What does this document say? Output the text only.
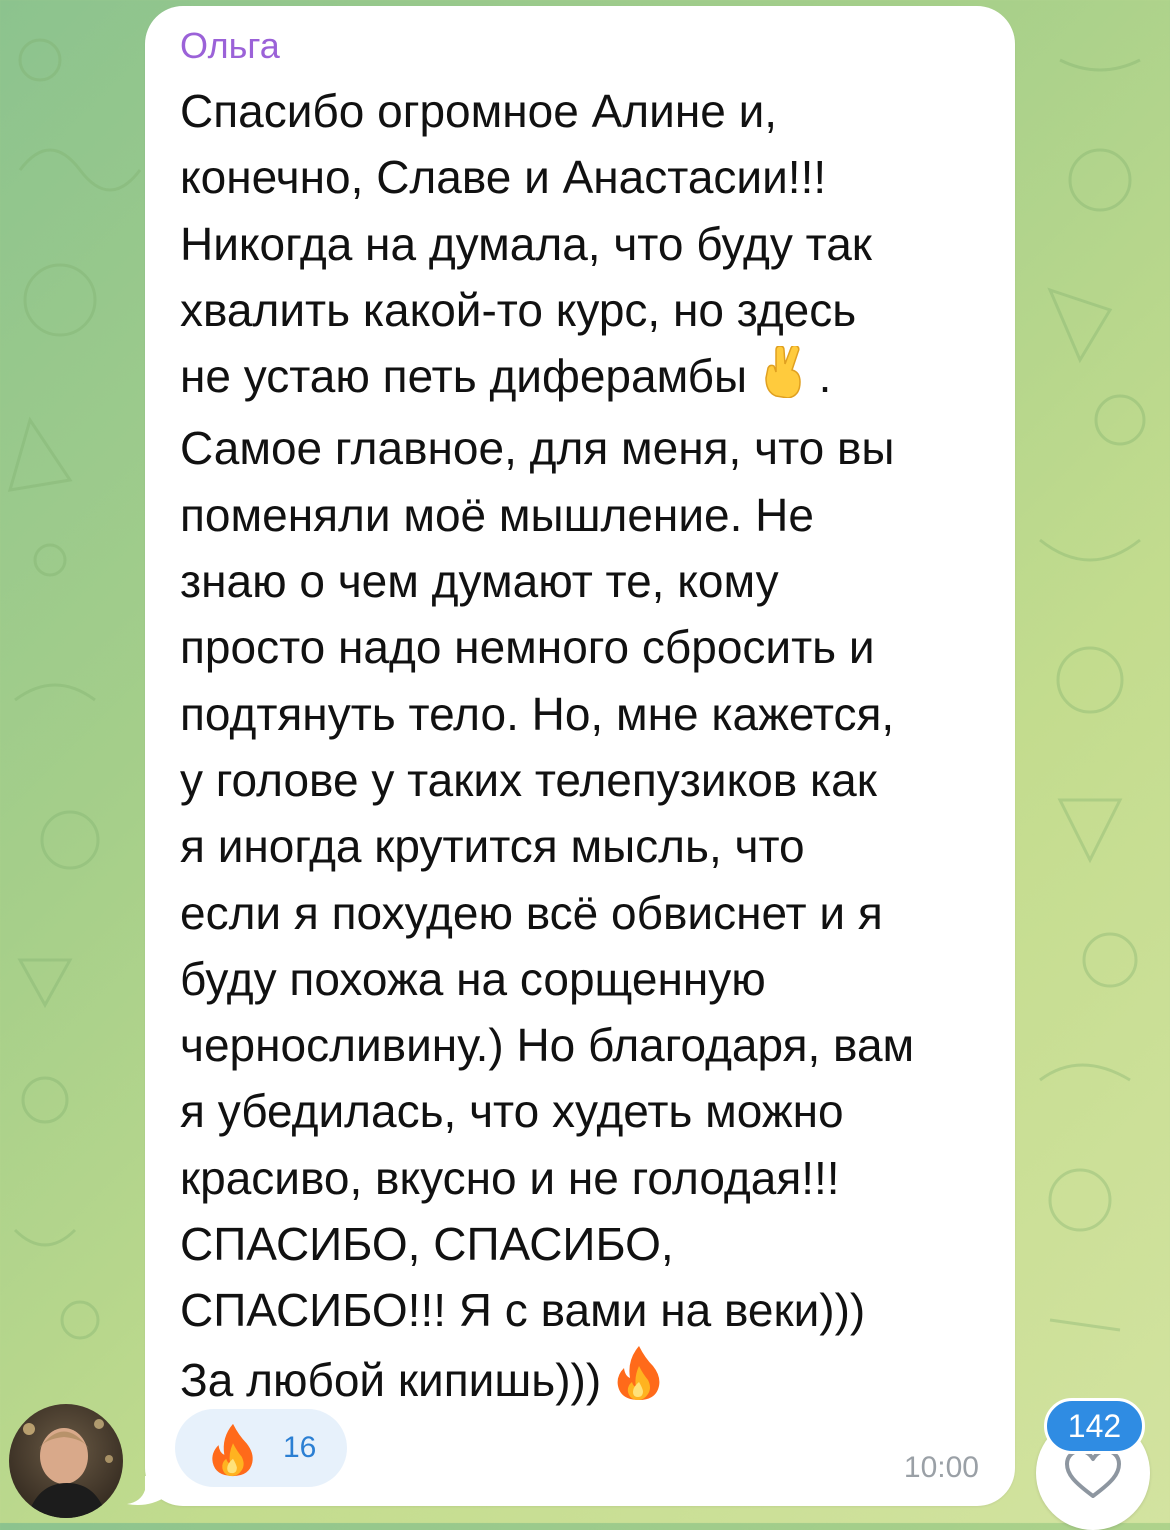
Ольга
Спасибо огромное Алине и,
конечно, Славе и Анастасии!!!
Никогда на думала, что буду так
хвалить какой-то курс, но здесь
не устаю петь диферамбы .
Самое главное, для меня, что вы
поменяли моё мышление. Не
знаю о чем думают те, кому
просто надо немного сбросить и
подтянуть тело. Но, мне кажется,
у голове у таких телепузиков как
я иногда крутится мысль, что
если я похудею всё обвиснет и я
буду похожа на сорщенную
черносливину.) Но благодаря, вам
я убедилась, что худеть можно
красиво, вкусно и не голодая!!!
СПАСИБО, СПАСИБО,
СПАСИБО!!! Я с вами на веки)))
За любой кипишь)))
16
10:00
142
